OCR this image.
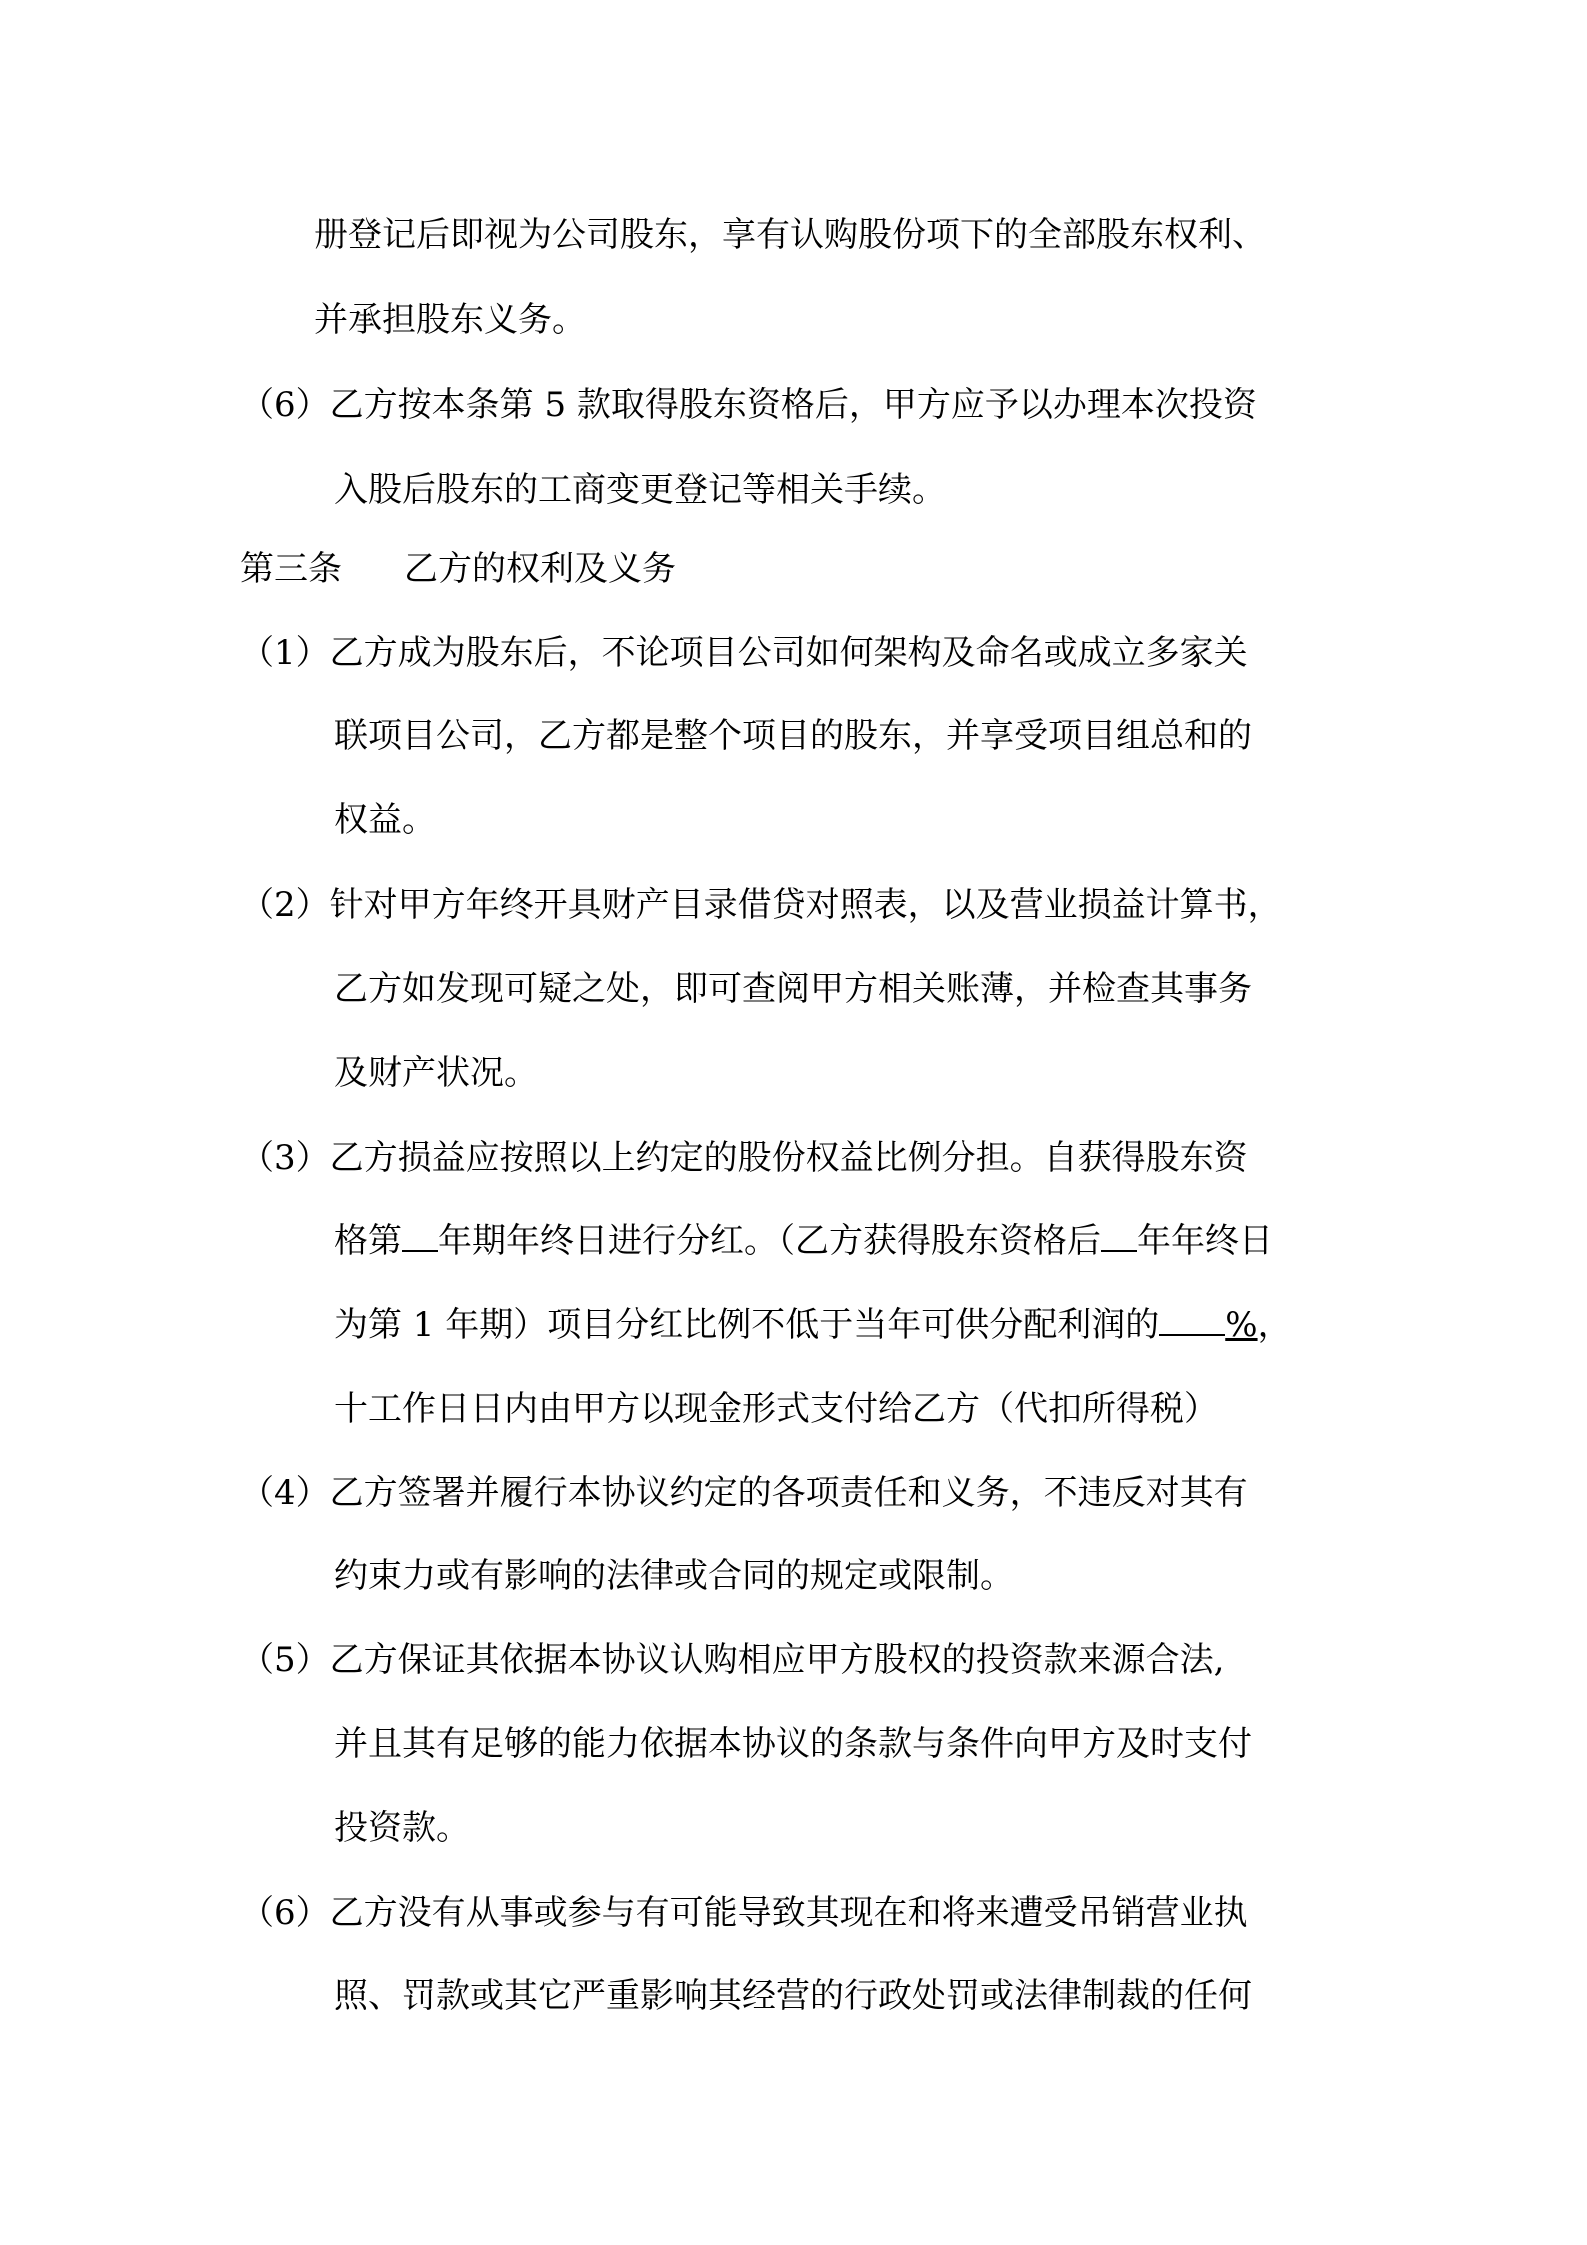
册登记后即视为公司股东，享有认购股份项下的全部股东权利、
并承担股东义务。
（6）乙方按本条第 5 款取得股东资格后，甲方应予以办理本次投资
入股后股东的工商变更登记等相关手续。
第三条 乙方的权利及义务
（1）乙方成为股东后，不论项目公司如何架构及命名或成立多家关
联项目公司，乙方都是整个项目的股东，并享受项目组总和的
权益。
（2）针对甲方年终开具财产目录借贷对照表，以及营业损益计算书，
乙方如发现可疑之处，即可查阅甲方相关账薄，并检查其事务
及财产状况。
（3）乙方损益应按照以上约定的股份权益比例分担。自获得股东资
格第 年期年终日进行分红。（乙方获得股东资格后 年年终日
为第 1 年期）项目分红比例不低于当年可供分配利润的 %，
十工作日日内由甲方以现金形式支付给乙方（代扣所得税）
（4）乙方签署并履行本协议约定的各项责任和义务，不违反对其有
约束力或有影响的法律或合同的规定或限制。
（5）乙方保证其依据本协议认购相应甲方股权的投资款来源合法,
并且其有足够的能力依据本协议的条款与条件向甲方及时支付
投资款。
（6）乙方没有从事或参与有可能导致其现在和将来遭受吊销营业执
照、罚款或其它严重影响其经营的行政处罚或法律制裁的任何
